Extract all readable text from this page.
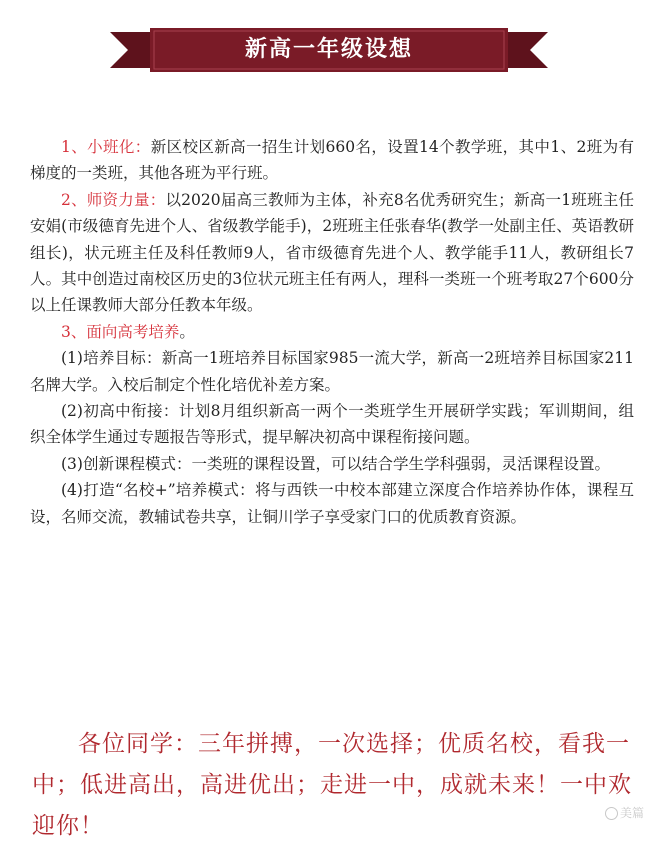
新高一年级设想

1、小班化：新区校区新高一招生计划660名，设置14个教学班，其中1、2班为有梯度的一类班，其他各班为平行班。

2、师资力量：以2020届高三教师为主体，补充8名优秀研究生；新高一1班班主任安娟(市级德育先进个人、省级教学能手)，2班班主任张春华(教学一处副主任、英语教研组长)，状元班主任及科任教师9人，省市级德育先进个人、教学能手11人，教研组长7人。其中创造过南校区历史的3位状元班主任有两人，理科一类班一个班考取27个600分以上任课教师大部分任教本年级。

3、面向高考培养。

(1)培养目标：新高一1班培养目标国家985一流大学，新高一2班培养目标国家211名牌大学。入校后制定个性化培优补差方案。

(2)初高中衔接：计划8月组织新高一两个一类班学生开展研学实践；军训期间，组织全体学生通过专题报告等形式，提早解决初高中课程衔接问题。

(3)创新课程模式：一类班的课程设置，可以结合学生学科强弱，灵活课程设置。

(4)打造“名校+”培养模式：将与西铁一中校本部建立深度合作培养协作体，课程互设，名师交流，教辅试卷共享，让铜川学子享受家门口的优质教育资源。

各位同学：三年拼搏，一次选择；优质名校，看我一中；低进高出，高进优出；走进一中，成就未来！一中欢迎你！	美篇
